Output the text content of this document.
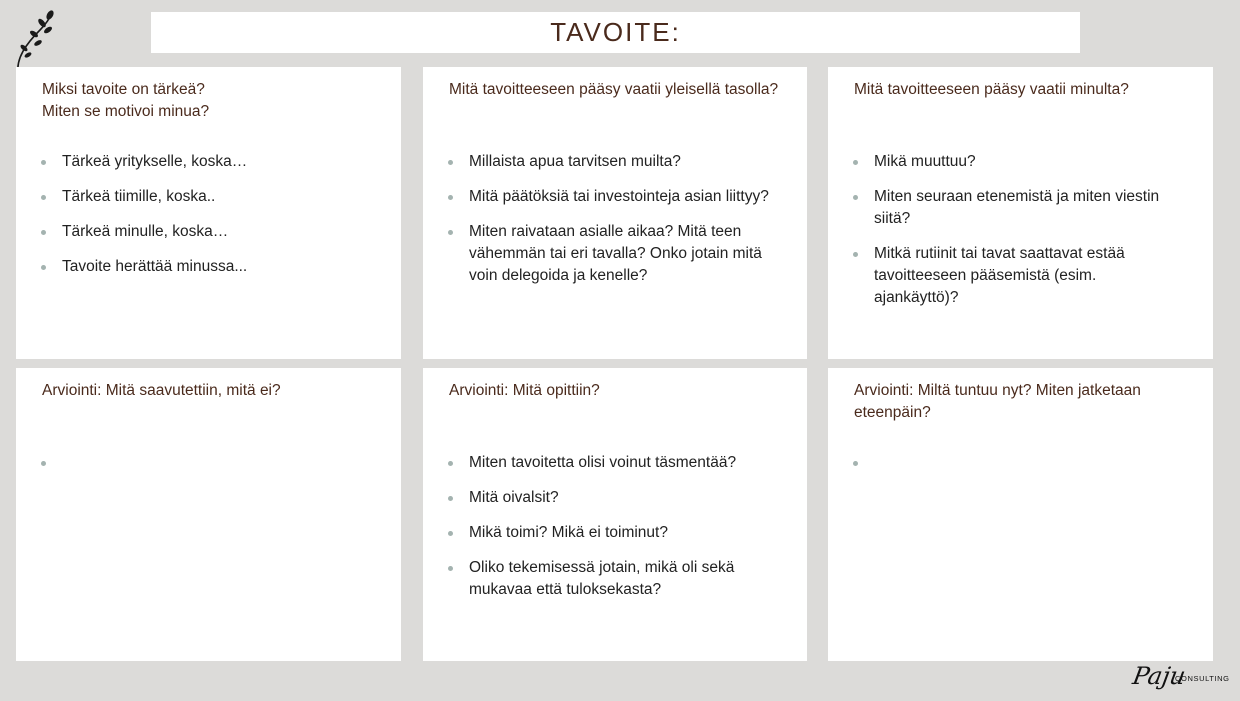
TAVOITE:
Miksi tavoite on tärkeä?
Miten se motivoi minua?
Tärkeä yritykselle, koska…
Tärkeä tiimille, koska..
Tärkeä minulle, koska…
Tavoite herättää minussa...
Mitä tavoitteeseen pääsy vaatii yleisellä tasolla?
Millaista apua tarvitsen muilta?
Mitä päätöksiä tai investointeja asian liittyy?
Miten raivataan asialle aikaa? Mitä teen vähemmän tai eri tavalla? Onko jotain mitä voin delegoida ja kenelle?
Mitä tavoitteeseen pääsy vaatii minulta?
Mikä muuttuu?
Miten seuraan etenemistä ja miten viestin siitä?
Mitkä rutiinit tai tavat saattavat estää tavoitteeseen pääsemistä (esim. ajankäyttö)?
Arviointi: Mitä saavutettiin, mitä ei?	Arviointi: Mitä opittiin?
Miten tavoitetta olisi voinut täsmentää?
Mitä oivalsit?
Mikä toimi? Mikä ei toiminut?
Oliko tekemisessä jotain, mikä oli sekä mukavaa että tuloksekasta?
Arviointi: Miltä tuntuu nyt? Miten jatketaan eteenpäin?
Paju
CONSULTING
